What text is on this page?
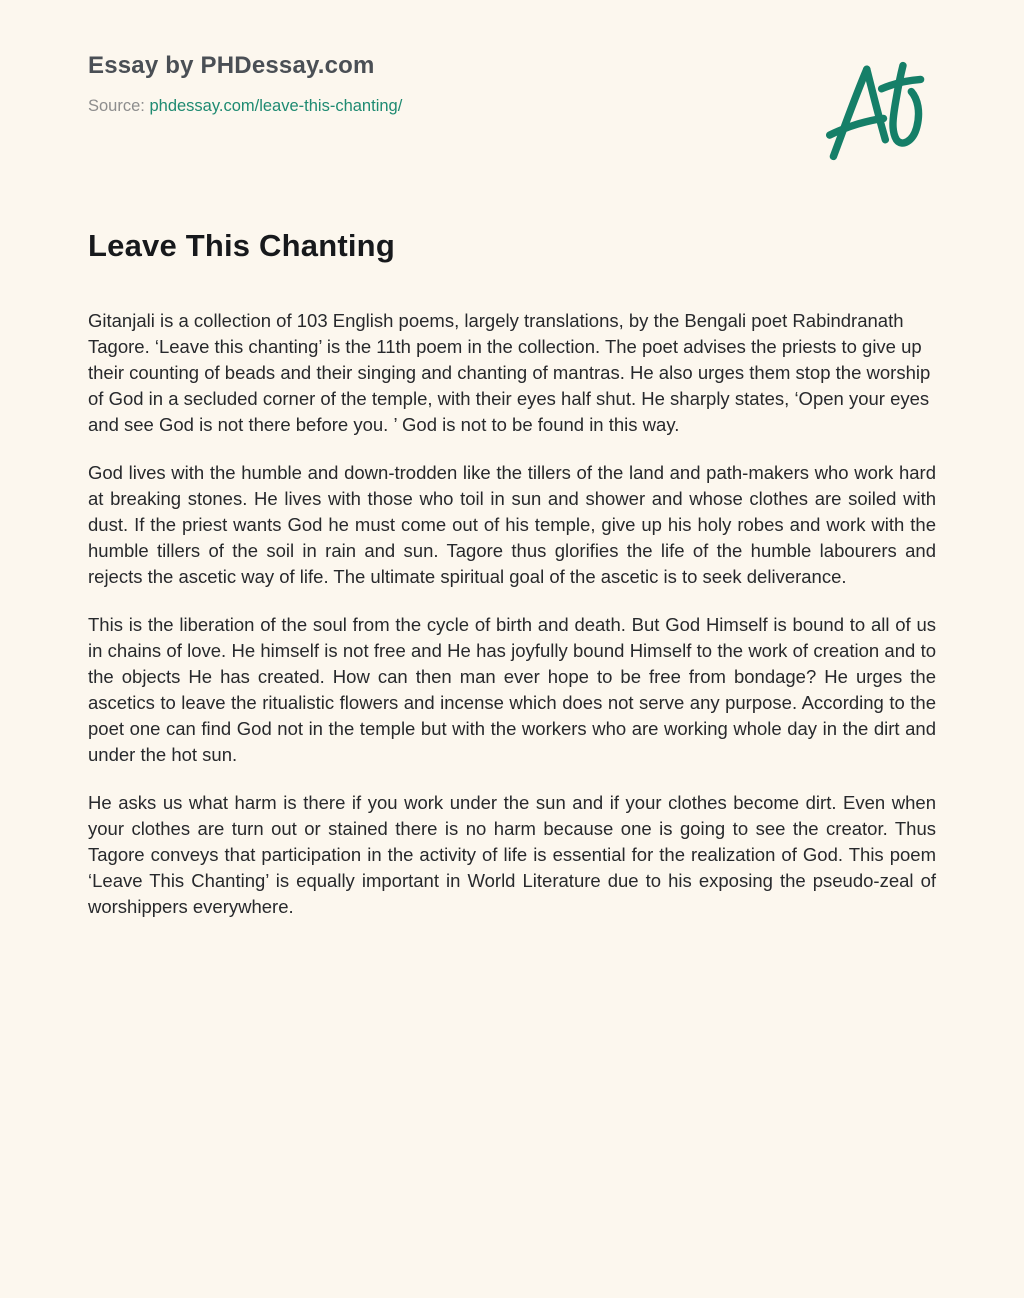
Essay by PHDessay.com
Source: phdessay.com/leave-this-chanting/
Leave This Chanting

Gitanjali is a collection of 103 English poems, largely translations, by the Bengali poet Rabindranath Tagore. ‘Leave this chanting’ is the 11th poem in the collection. The poet advises the priests to give up their counting of beads and their singing and chanting of mantras. He also urges them stop the worship of God in a secluded corner of the temple, with their eyes half shut. He sharply states, ‘Open your eyes and see God is not there before you. ’ God is not to be found in this way.

God lives with the humble and down-trodden like the tillers of the land and path-makers who work hard at breaking stones. He lives with those who toil in sun and shower and whose clothes are soiled with dust. If the priest wants God he must come out of his temple, give up his holy robes and work with the humble tillers of the soil in rain and sun. Tagore thus glorifies the life of the humble labourers and rejects the ascetic way of life. The ultimate spiritual goal of the ascetic is to seek deliverance.

This is the liberation of the soul from the cycle of birth and death. But God Himself is bound to all of us in chains of love. He himself is not free and He has joyfully bound Himself to the work of creation and to the objects He has created. How can then man ever hope to be free from bondage? He urges the ascetics to leave the ritualistic flowers and incense which does not serve any purpose. According to the poet one can find God not in the temple but with the workers who are working whole day in the dirt and under the hot sun.

He asks us what harm is there if you work under the sun and if your clothes become dirt. Even when your clothes are turn out or stained there is no harm because one is going to see the creator. Thus Tagore conveys that participation in the activity of life is essential for the realization of God. This poem ‘Leave This Chanting’ is equally important in World Literature due to his exposing the pseudo-zeal of worshippers everywhere.
